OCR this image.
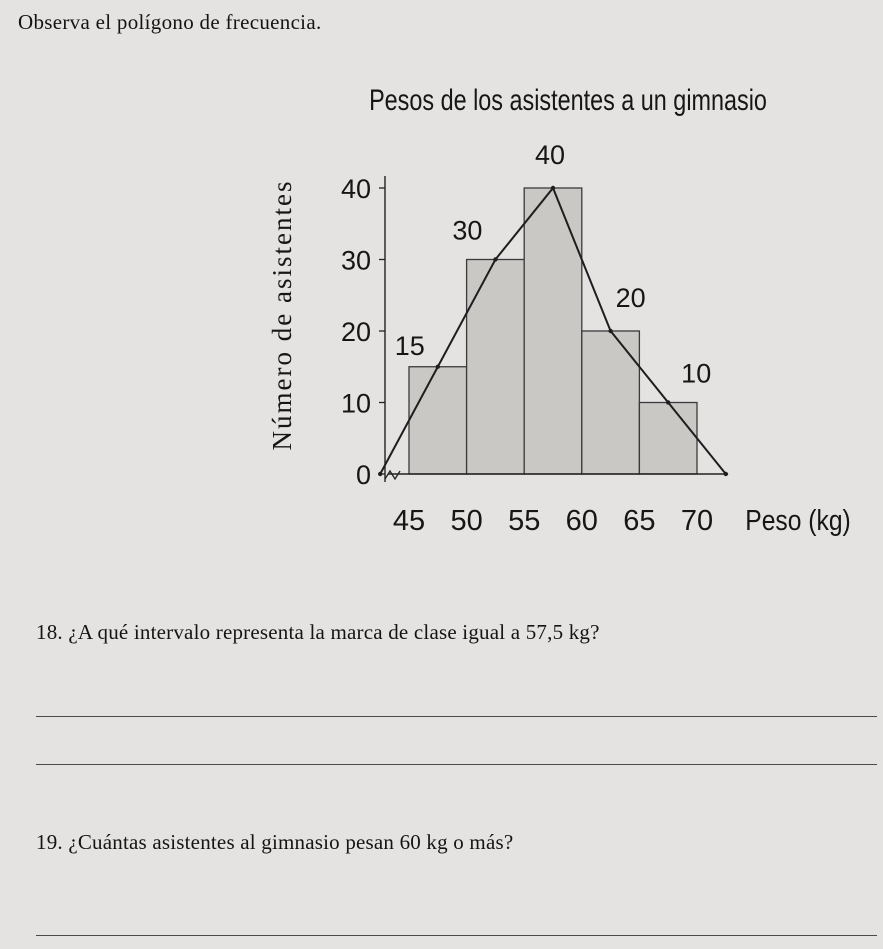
Observa el polígono de frecuencia.
Pesos de los asistentes a un gimnasio
Número de asistentes
Peso (kg)
0
10
20
30
40
45 50 55 60 65 70
15
30
40
20
10
18. ¿A qué intervalo representa la marca de clase igual a 57,5 kg?
19. ¿Cuántas asistentes al gimnasio pesan 60 kg o más?
